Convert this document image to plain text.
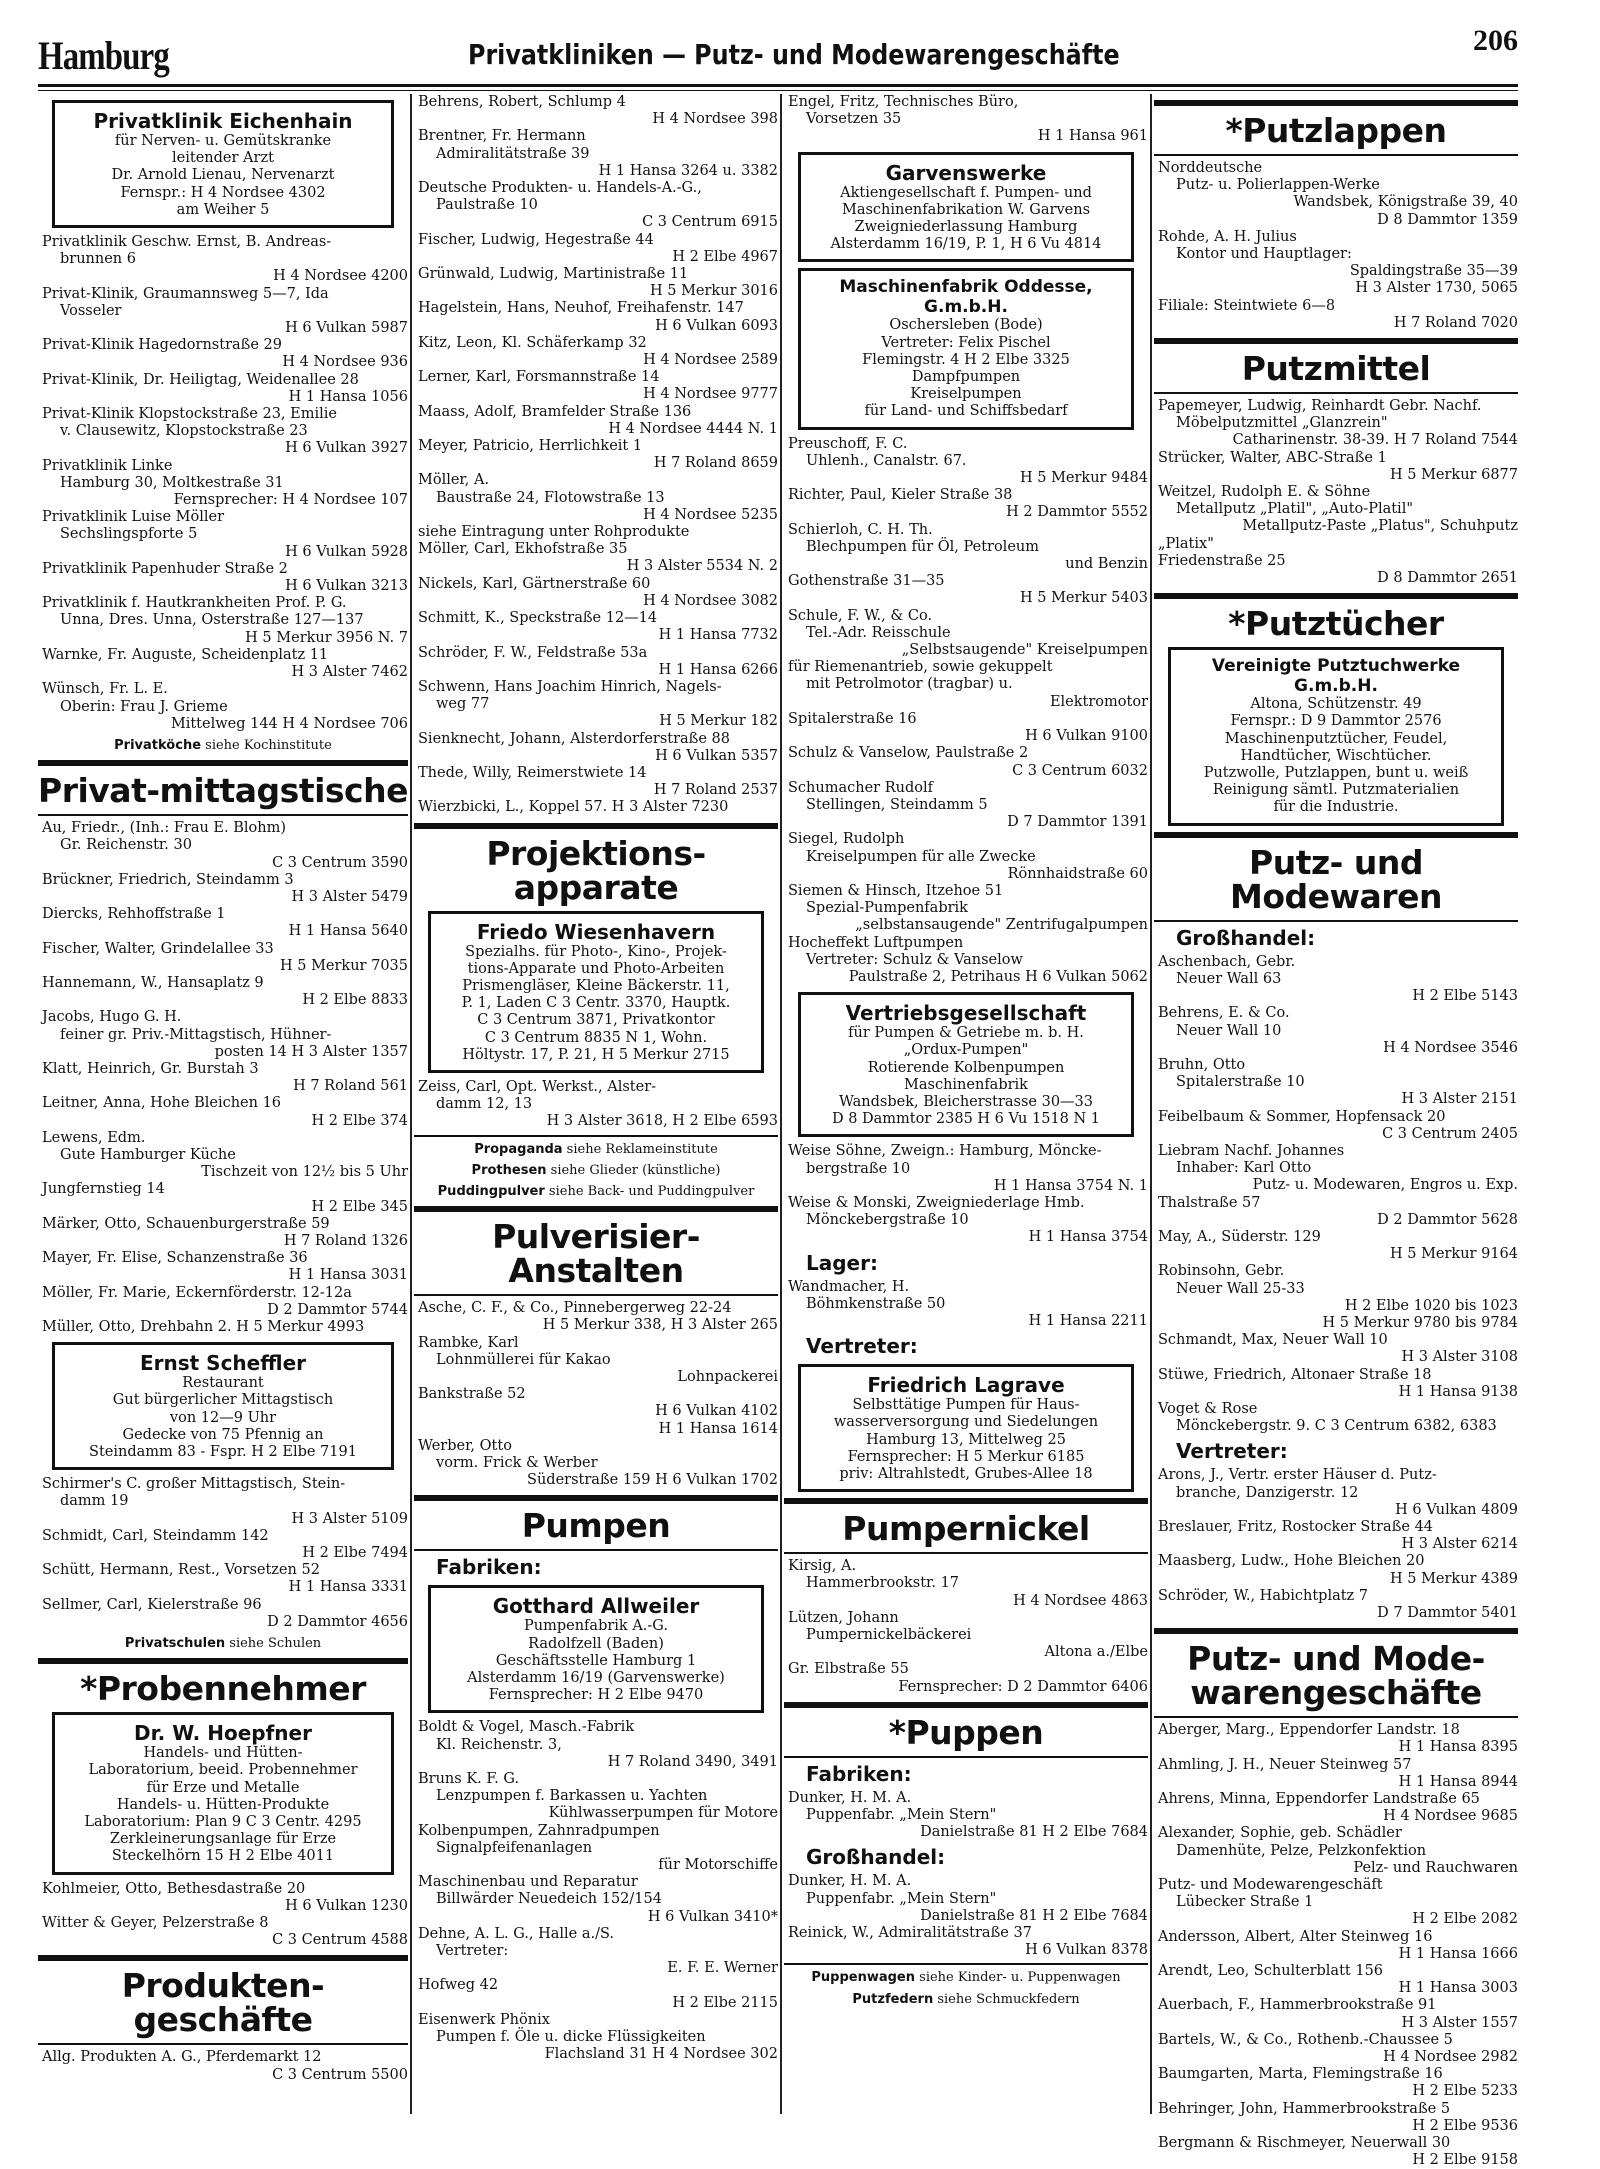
Hamburg	Privatkliniken — Putz- und Modewarengeschäfte	206
Privatklinik Eichenhain
für Nerven- u. Gemütskranke
leitender Arzt
Dr. Arnold Lienau, Nervenarzt
Fernspr.: H 4 Nordsee 4302
am Weiher 5
Privatklinik Geschw. Ernst, B. Andreas-
brunnen 6
H 4 Nordsee 4200
Privat-Klinik, Graumannsweg 5—7, Ida
Vosseler
H 6 Vulkan 5987
Privat-Klinik Hagedornstraße 29
H 4 Nordsee 936
Privat-Klinik, Dr. Heiligtag, Weidenallee 28
H 1 Hansa 1056
Privat-Klinik Klopstockstraße 23, Emilie
v. Clausewitz, Klopstockstraße 23
H 6 Vulkan 3927
Privatklinik Linke
Hamburg 30, Moltkestraße 31
Fernsprecher: H 4 Nordsee 107
Privatklinik Luise Möller
Sechslingspforte 5
H 6 Vulkan 5928
Privatklinik Papenhuder Straße 2
H 6 Vulkan 3213
Privatklinik f. Hautkrankheiten Prof. P. G.
Unna, Dres. Unna, Osterstraße 127—137
H 5 Merkur 3956 N. 7
Warnke, Fr. Auguste, Scheidenplatz 11
H 3 Alster 7462
Wünsch, Fr. L. E.
Oberin: Frau J. Grieme
Mittelweg 144 H 4 Nordsee 706
Privatköche siehe Kochinstitute
Privat-mittagstische
Au, Friedr., (Inh.: Frau E. Blohm)
Gr. Reichenstr. 30
C 3 Centrum 3590
Brückner, Friedrich, Steindamm 3
H 3 Alster 5479
Diercks, Rehhoffstraße 1
H 1 Hansa 5640
Fischer, Walter, Grindelallee 33
H 5 Merkur 7035
Hannemann, W., Hansaplatz 9
H 2 Elbe 8833
Jacobs, Hugo G. H.
feiner gr. Priv.-Mittagstisch, Hühner-
posten 14 H 3 Alster 1357
Klatt, Heinrich, Gr. Burstah 3
H 7 Roland 561
Leitner, Anna, Hohe Bleichen 16
H 2 Elbe 374
Lewens, Edm.
Gute Hamburger Küche
Tischzeit von 12½ bis 5 Uhr
Jungfernstieg 14
H 2 Elbe 345
Märker, Otto, Schauenburgerstraße 59
H 7 Roland 1326
Mayer, Fr. Elise, Schanzenstraße 36
H 1 Hansa 3031
Möller, Fr. Marie, Eckernförderstr. 12-12a
D 2 Dammtor 5744
Müller, Otto, Drehbahn 2. H 5 Merkur 4993
Ernst Scheffler
Restaurant
Gut bürgerlicher Mittagstisch
von 12—9 Uhr
Gedecke von 75 Pfennig an
Steindamm 83 - Fspr. H 2 Elbe 7191
Schirmer's C. großer Mittagstisch, Stein-
damm 19
H 3 Alster 5109
Schmidt, Carl, Steindamm 142
H 2 Elbe 7494
Schütt, Hermann, Rest., Vorsetzen 52
H 1 Hansa 3331
Sellmer, Carl, Kielerstraße 96
D 2 Dammtor 4656
Privatschulen siehe Schulen
*Probennehmer
Dr. W. Hoepfner
Handels- und Hütten-
Laboratorium, beeid. Probennehmer
für Erze und Metalle
Handels- u. Hütten-Produkte
Laboratorium: Plan 9 C 3 Centr. 4295
Zerkleinerungsanlage für Erze
Steckelhörn 15 H 2 Elbe 4011
Kohlmeier, Otto, Bethesdastraße 20
H 6 Vulkan 1230
Witter & Geyer, Pelzerstraße 8
C 3 Centrum 4588
Produkten-geschäfte
Allg. Produkten A. G., Pferdemarkt 12
C 3 Centrum 5500
Behrens, Robert, Schlump 4
H 4 Nordsee 398
Brentner, Fr. Hermann
Admiralitätstraße 39
H 1 Hansa 3264 u. 3382
Deutsche Produkten- u. Handels-A.-G.,
Paulstraße 10
C 3 Centrum 6915
Fischer, Ludwig, Hegestraße 44
H 2 Elbe 4967
Grünwald, Ludwig, Martinistraße 11
H 5 Merkur 3016
Hagelstein, Hans, Neuhof, Freihafenstr. 147
H 6 Vulkan 6093
Kitz, Leon, Kl. Schäferkamp 32
H 4 Nordsee 2589
Lerner, Karl, Forsmannstraße 14
H 4 Nordsee 9777
Maass, Adolf, Bramfelder Straße 136
H 4 Nordsee 4444 N. 1
Meyer, Patricio, Herrlichkeit 1
H 7 Roland 8659
Möller, A.
Baustraße 24, Flotowstraße 13
H 4 Nordsee 5235
siehe Eintragung unter Rohprodukte
Möller, Carl, Ekhofstraße 35
H 3 Alster 5534 N. 2
Nickels, Karl, Gärtnerstraße 60
H 4 Nordsee 3082
Schmitt, K., Speckstraße 12—14
H 1 Hansa 7732
Schröder, F. W., Feldstraße 53a
H 1 Hansa 6266
Schwenn, Hans Joachim Hinrich, Nagels-
weg 77
H 5 Merkur 182
Sienknecht, Johann, Alsterdorferstraße 88
H 6 Vulkan 5357
Thede, Willy, Reimerstwiete 14
H 7 Roland 2537
Wierzbicki, L., Koppel 57. H 3 Alster 7230
Projektions-apparate
Friedo Wiesenhavern
Spezialhs. für Photo-, Kino-, Projek-
tions-Apparate und Photo-Arbeiten
Prismengläser, Kleine Bäckerstr. 11,
P. 1, Laden C 3 Centr. 3370, Hauptk.
C 3 Centrum 3871, Privatkontor
C 3 Centrum 8835 N 1, Wohn.
Höltystr. 17, P. 21, H 5 Merkur 2715
Zeiss, Carl, Opt. Werkst., Alster-
damm 12, 13
H 3 Alster 3618, H 2 Elbe 6593
Propaganda siehe Reklameinstitute
Prothesen siehe Glieder (künstliche)
Puddingpulver siehe Back- und Puddingpulver
Pulverisier-Anstalten
Asche, C. F., & Co., Pinnebergerweg 22-24
H 5 Merkur 338, H 3 Alster 265
Rambke, Karl
Lohnmüllerei für Kakao
Lohnpackerei
Bankstraße 52
H 6 Vulkan 4102
H 1 Hansa 1614
Werber, Otto
vorm. Frick & Werber
Süderstraße 159 H 6 Vulkan 1702
Pumpen
Fabriken:
Gotthard Allweiler
Pumpenfabrik A.-G.
Radolfzell (Baden)
Geschäftsstelle Hamburg 1
Alsterdamm 16/19 (Garvenswerke)
Fernsprecher: H 2 Elbe 9470
Boldt & Vogel, Masch.-Fabrik
Kl. Reichenstr. 3,
H 7 Roland 3490, 3491
Bruns K. F. G.
Lenzpumpen f. Barkassen u. Yachten
Kühlwasserpumpen für Motore
Kolbenpumpen, Zahnradpumpen
Signalpfeifenanlagen
für Motorschiffe
Maschinenbau und Reparatur
Billwärder Neuedeich 152/154
H 6 Vulkan 3410*
Dehne, A. L. G., Halle a./S.
Vertreter:
E. F. E. Werner
Hofweg 42
H 2 Elbe 2115
Eisenwerk Phönix
Pumpen f. Öle u. dicke Flüssigkeiten
Flachsland 31 H 4 Nordsee 302
Engel, Fritz, Technisches Büro,
Vorsetzen 35
H 1 Hansa 961
Garvenswerke
Aktiengesellschaft f. Pumpen- und
Maschinenfabrikation W. Garvens
Zweigniederlassung Hamburg
Alsterdamm 16/19, P. 1, H 6 Vu 4814
Maschinenfabrik Oddesse, G.m.b.H.
Oschersleben (Bode)
Vertreter: Felix Pischel
Flemingstr. 4 H 2 Elbe 3325
Dampfpumpen
Kreiselpumpen
für Land- und Schiffsbedarf
Preuschoff, F. C.
Uhlenh., Canalstr. 67.
H 5 Merkur 9484
Richter, Paul, Kieler Straße 38
H 2 Dammtor 5552
Schierloh, C. H. Th.
Blechpumpen für Öl, Petroleum
und Benzin
Gothenstraße 31—35
H 5 Merkur 5403
Schule, F. W., & Co.
Tel.-Adr. Reisschule
„Selbstsaugende" Kreiselpumpen
für Riemenantrieb, sowie gekuppelt
mit Petrolmotor (tragbar) u.
Elektromotor
Spitalerstraße 16
H 6 Vulkan 9100
Schulz & Vanselow, Paulstraße 2
C 3 Centrum 6032
Schumacher Rudolf
Stellingen, Steindamm 5
D 7 Dammtor 1391
Siegel, Rudolph
Kreiselpumpen für alle Zwecke
Rönnhaidstraße 60
Siemen & Hinsch, Itzehoe 51
Spezial-Pumpenfabrik
„selbstansaugende" Zentrifugalpumpen
Hocheffekt Luftpumpen
Vertreter: Schulz & Vanselow
Paulstraße 2, Petrihaus H 6 Vulkan 5062
Vertriebsgesellschaft
für Pumpen & Getriebe m. b. H.
„Ordux-Pumpen"
Rotierende Kolbenpumpen
Maschinenfabrik
Wandsbek, Bleicherstrasse 30—33
D 8 Dammtor 2385 H 6 Vu 1518 N 1
Weise Söhne, Zweign.: Hamburg, Möncke-
bergstraße 10
H 1 Hansa 3754 N. 1
Weise & Monski, Zweigniederlage Hmb.
Mönckebergstraße 10
H 1 Hansa 3754
Lager:
Wandmacher, H.
Böhmkenstraße 50
H 1 Hansa 2211
Vertreter:
Friedrich Lagrave
Selbsttätige Pumpen für Haus-
wasserversorgung und Siedelungen
Hamburg 13, Mittelweg 25
Fernsprecher: H 5 Merkur 6185
priv: Altrahlstedt, Grubes-Allee 18
Pumpernickel
Kirsig, A.
Hammerbrookstr. 17
H 4 Nordsee 4863
Lützen, Johann
Pumpernickelbäckerei
Altona a./Elbe
Gr. Elbstraße 55
Fernsprecher: D 2 Dammtor 6406
*Puppen
Fabriken:
Dunker, H. M. A.
Puppenfabr. „Mein Stern"
Danielstraße 81 H 2 Elbe 7684
Großhandel:
Dunker, H. M. A.
Puppenfabr. „Mein Stern"
Danielstraße 81 H 2 Elbe 7684
Reinick, W., Admiralitätstraße 37
H 6 Vulkan 8378
Puppenwagen siehe Kinder- u. Puppenwagen
Putzfedern siehe Schmuckfedern
*Putzlappen
Norddeutsche
Putz- u. Polierlappen-Werke
Wandsbek, Königstraße 39, 40
D 8 Dammtor 1359
Rohde, A. H. Julius
Kontor und Hauptlager:
Spaldingstraße 35—39
H 3 Alster 1730, 5065
Filiale: Steintwiete 6—8
H 7 Roland 7020
Putzmittel
Papemeyer, Ludwig, Reinhardt Gebr. Nachf.
Möbelputzmittel „Glanzrein"
Catharinenstr. 38-39. H 7 Roland 7544
Strücker, Walter, ABC-Straße 1
H 5 Merkur 6877
Weitzel, Rudolph E. & Söhne
Metallputz „Platil", „Auto-Platil"
Metallputz-Paste „Platus", Schuhputz
„Platix"
Friedenstraße 25
D 8 Dammtor 2651
*Putztücher
Vereinigte Putztuchwerke G.m.b.H.
Altona, Schützenstr. 49
Fernspr.: D 9 Dammtor 2576
Maschinenputztücher, Feudel,
Handtücher, Wischtücher.
Putzwolle, Putzlappen, bunt u. weiß
Reinigung sämtl. Putzmaterialien
für die Industrie.
Putz- und Modewaren
Großhandel:
Aschenbach, Gebr.
Neuer Wall 63
H 2 Elbe 5143
Behrens, E. & Co.
Neuer Wall 10
H 4 Nordsee 3546
Bruhn, Otto
Spitalerstraße 10
H 3 Alster 2151
Feibelbaum & Sommer, Hopfensack 20
C 3 Centrum 2405
Liebram Nachf. Johannes
Inhaber: Karl Otto
Putz- u. Modewaren, Engros u. Exp.
Thalstraße 57
D 2 Dammtor 5628
May, A., Süderstr. 129
H 5 Merkur 9164
Robinsohn, Gebr.
Neuer Wall 25-33
H 2 Elbe 1020 bis 1023
H 5 Merkur 9780 bis 9784
Schmandt, Max, Neuer Wall 10
H 3 Alster 3108
Stüwe, Friedrich, Altonaer Straße 18
H 1 Hansa 9138
Voget & Rose
Mönckebergstr. 9. C 3 Centrum 6382, 6383
Vertreter:
Arons, J., Vertr. erster Häuser d. Putz-
branche, Danzigerstr. 12
H 6 Vulkan 4809
Breslauer, Fritz, Rostocker Straße 44
H 3 Alster 6214
Maasberg, Ludw., Hohe Bleichen 20
H 5 Merkur 4389
Schröder, W., Habichtplatz 7
D 7 Dammtor 5401
Putz- und Mode-warengeschäfte
Aberger, Marg., Eppendorfer Landstr. 18
H 1 Hansa 8395
Ahmling, J. H., Neuer Steinweg 57
H 1 Hansa 8944
Ahrens, Minna, Eppendorfer Landstraße 65
H 4 Nordsee 9685
Alexander, Sophie, geb. Schädler
Damenhüte, Pelze, Pelzkonfektion
Pelz- und Rauchwaren
Putz- und Modewarengeschäft
Lübecker Straße 1
H 2 Elbe 2082
Andersson, Albert, Alter Steinweg 16
H 1 Hansa 1666
Arendt, Leo, Schulterblatt 156
H 1 Hansa 3003
Auerbach, F., Hammerbrookstraße 91
H 3 Alster 1557
Bartels, W., & Co., Rothenb.-Chaussee 5
H 4 Nordsee 2982
Baumgarten, Marta, Flemingstraße 16
H 2 Elbe 5233
Behringer, John, Hammerbrookstraße 5
H 2 Elbe 9536
Bergmann & Rischmeyer, Neuerwall 30
H 2 Elbe 9158
